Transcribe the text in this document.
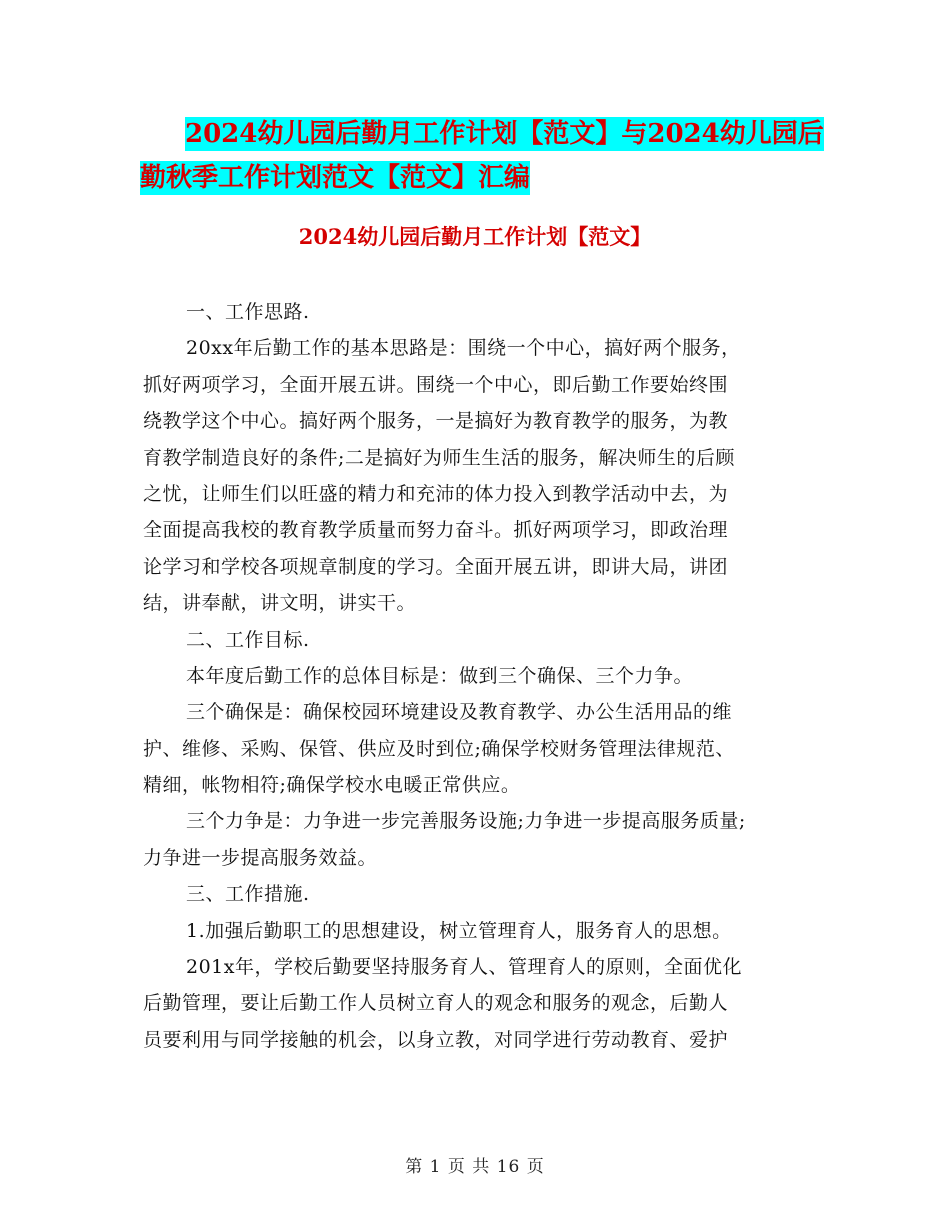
2024幼儿园后勤月工作计划【范文】与2024幼儿园后
勤秋季工作计划范文【范文】汇编
2024幼儿园后勤月工作计划【范文】
一、工作思路.
20xx年后勤工作的基本思路是：围绕一个中心，搞好两个服务，
抓好两项学习，全面开展五讲。围绕一个中心，即后勤工作要始终围
绕教学这个中心。搞好两个服务，一是搞好为教育教学的服务，为教
育教学制造良好的条件;二是搞好为师生生活的服务，解决师生的后顾
之忧，让师生们以旺盛的精力和充沛的体力投入到教学活动中去，为
全面提高我校的教育教学质量而努力奋斗。抓好两项学习，即政治理
论学习和学校各项规章制度的学习。全面开展五讲，即讲大局，讲团
结，讲奉献，讲文明，讲实干。
二、工作目标.
本年度后勤工作的总体目标是：做到三个确保、三个力争。
三个确保是：确保校园环境建设及教育教学、办公生活用品的维
护、维修、采购、保管、供应及时到位;确保学校财务管理法律规范、
精细，帐物相符;确保学校水电暖正常供应。
三个力争是：力争进一步完善服务设施;力争进一步提高服务质量;
力争进一步提高服务效益。
三、工作措施.
1.加强后勤职工的思想建设，树立管理育人，服务育人的思想。
201x年，学校后勤要坚持服务育人、管理育人的原则，全面优化
后勤管理，要让后勤工作人员树立育人的观念和服务的观念，后勤人
员要利用与同学接触的机会，以身立教，对同学进行劳动教育、爱护
第 1 页 共 16 页
